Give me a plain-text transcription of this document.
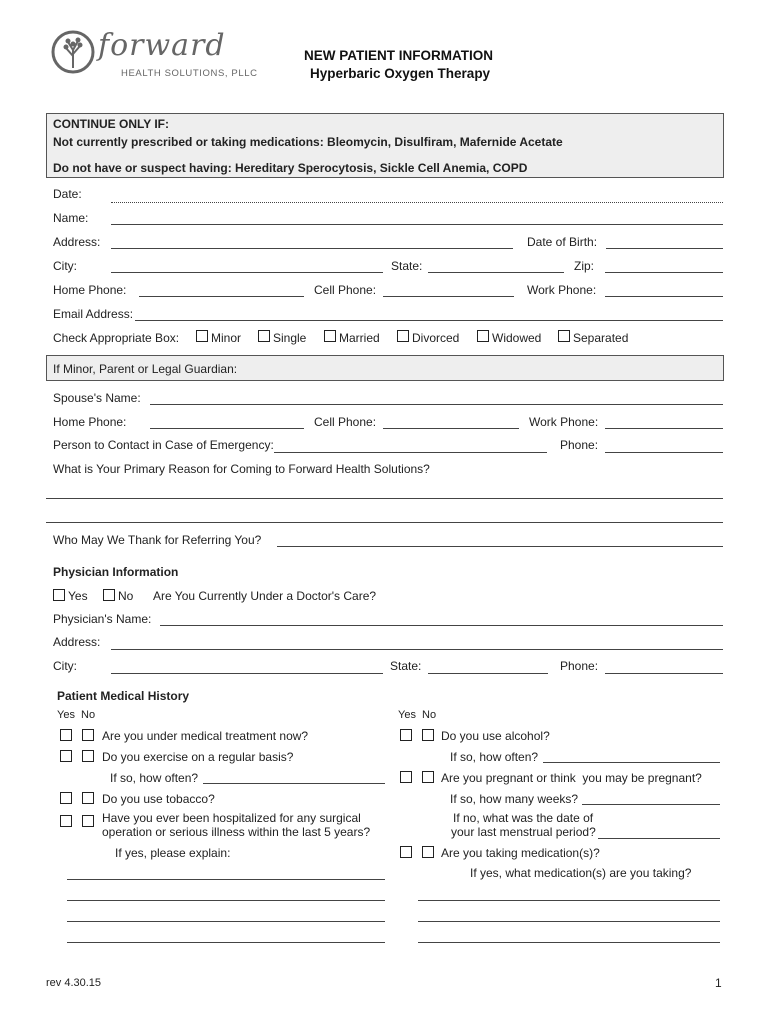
forward
HEALTH SOLUTIONS, PLLC
NEW PATIENT INFORMATION
Hyperbaric Oxygen Therapy
CONTINUE ONLY IF:
Not currently prescribed or taking medications: Bleomycin, Disulfiram, Mafernide Acetate
Do not have or suspect having: Hereditary Sperocytosis, Sickle Cell Anemia, COPD
Date:
Name:
Address:	Date of Birth:
City:	State:	Zip:
Home Phone:	Cell Phone:	Work Phone:
Email Address:
Check Appropriate Box:	Minor	Single	Married	Divorced	Widowed	Separated
If Minor, Parent or Legal Guardian:
Spouse's Name:
Home Phone:	Cell Phone:	Work Phone:
Person to Contact in Case of Emergency:	Phone:
What is Your Primary Reason for Coming to Forward Health Solutions?
Who May We Thank for Referring You?
Physician Information
Yes	No Are You Currently Under a Doctor's Care?
Physician's Name:
Address:
City:	State:	Phone:
Patient Medical History
Yes  No	Yes  No
Are you under medical treatment now?
Do you exercise on a regular basis?
If so, how often?
Do you use tobacco?
Have you ever been hospitalized for any surgical
operation or serious illness within the last 5 years?
If yes, please explain:
Do you use alcohol?
If so, how often?
Are you pregnant or think  you may be pregnant?
If so, how many weeks?
If no, what was the date of
your last menstrual period?
Are you taking medication(s)?
If yes, what medication(s) are you taking?
rev 4.30.15	1
